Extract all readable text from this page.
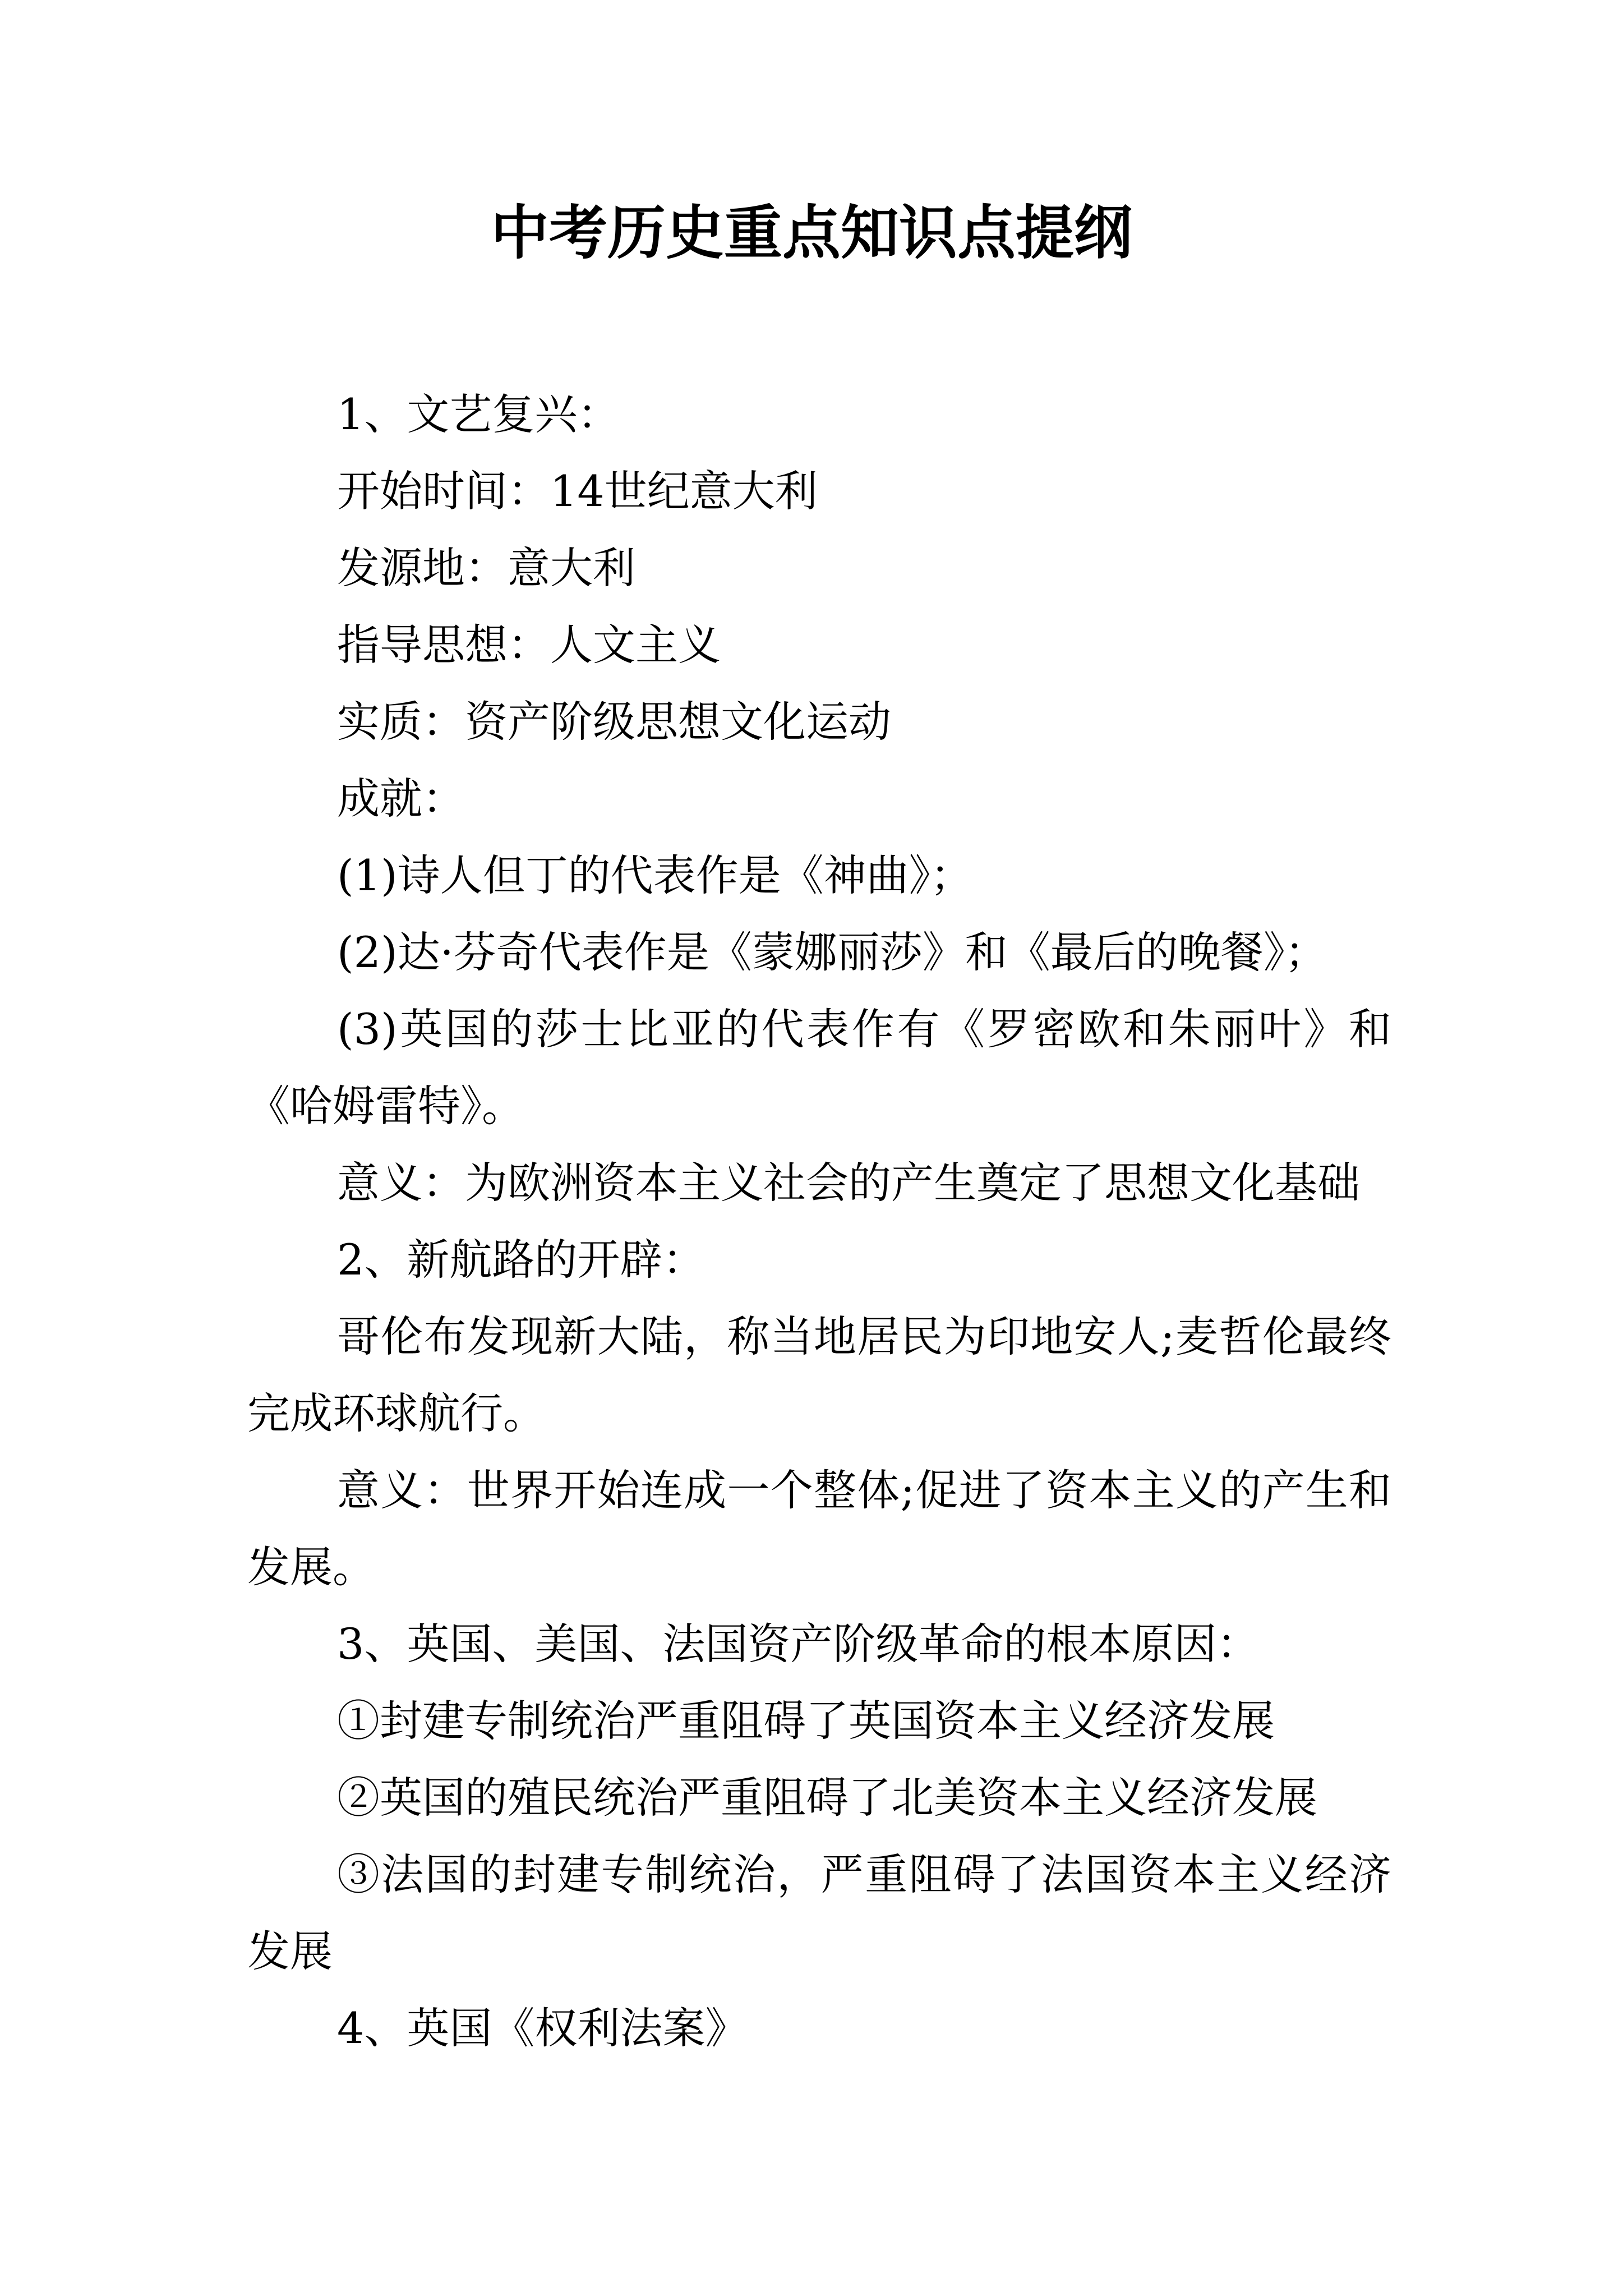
中考历史重点知识点提纲

1、文艺复兴：

开始时间：14世纪意大利

发源地：意大利

指导思想：人文主义

实质：资产阶级思想文化运动

成就：

(1)诗人但丁的代表作是《神曲》；

(2)达·芬奇代表作是《蒙娜丽莎》和《最后的晚餐》；

(3)英国的莎士比亚的代表作有《罗密欧和朱丽叶》和《哈姆雷特》。

意义：为欧洲资本主义社会的产生奠定了思想文化基础

2、新航路的开辟：

哥伦布发现新大陆，称当地居民为印地安人;麦哲伦最终完成环球航行。

意义：世界开始连成一个整体;促进了资本主义的产生和发展。

3、英国、美国、法国资产阶级革命的根本原因：

①封建专制统治严重阻碍了英国资本主义经济发展

②英国的殖民统治严重阻碍了北美资本主义经济发展

③法国的封建专制统治，严重阻碍了法国资本主义经济发展

4、英国《权利法案》
